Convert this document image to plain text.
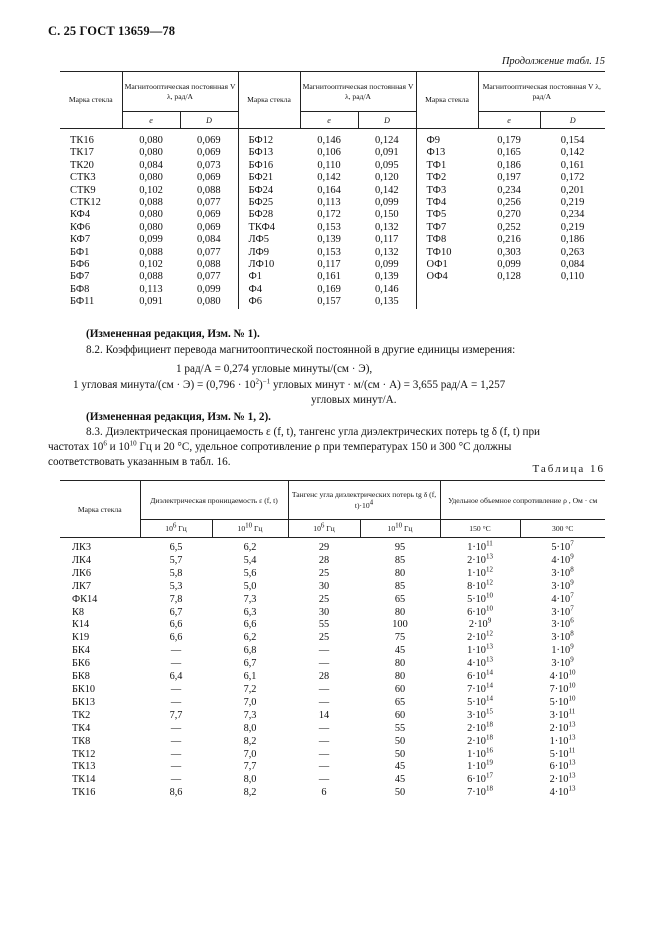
С. 25 ГОСТ 13659—78
Продолжение табл. 15
Марка стекла	Магнитооптическая постоянная V λ, рад/А		Марка стекла	Магнитооптическая постоянная V λ, рад/А		Марка стекла	Магнитооптическая постоянная V λ, рад/А	
	e	D		e	D		e	D
ТК16	0,080	0,069	БФ12	0,146	0,124	Ф9	0,179	0,154
ТК17	0,080	0,069	БФ13	0,106	0,091	Ф13	0,165	0,142
ТК20	0,084	0,073	БФ16	0,110	0,095	ТФ1	0,186	0,161
СТК3	0,080	0,069	БФ21	0,142	0,120	ТФ2	0,197	0,172
СТК9	0,102	0,088	БФ24	0,164	0,142	ТФ3	0,234	0,201
СТК12	0,088	0,077	БФ25	0,113	0,099	ТФ4	0,256	0,219
КФ4	0,080	0,069	БФ28	0,172	0,150	ТФ5	0,270	0,234
КФ6	0,080	0,069	ТКФ4	0,153	0,132	ТФ7	0,252	0,219
КФ7	0,099	0,084	ЛФ5	0,139	0,117	ТФ8	0,216	0,186
БФ1	0,088	0,077	ЛФ9	0,153	0,132	ТФ10	0,303	0,263
БФ6	0,102	0,088	ЛФ10	0,117	0,099	ОФ1	0,099	0,084
БФ7	0,088	0,077	Ф1	0,161	0,139	ОФ4	0,128	0,110
БФ8	0,113	0,099	Ф4	0,169	0,146			
БФ11	0,091	0,080	Ф6	0,157	0,135			
(Измененная редакция, Изм. № 1).
8.2. Коэффициент перевода магнитооптической постоянной в другие единицы измерения:
1 рад/А = 0,274 угловые минуты/(см · Э),
1 угловая минута/(см · $Э) = (0,796 \cdot 10^2)^{-1}$ угловых минут · м/(см · А) = 3,655 рад/А = 1,257
угловых минут/А.
(Измененная редакция, Изм. № 1, 2).
8.3. Диэлектрическая проницаемость ε (f, t), тангенс угла диэлектрических потерь tg δ (f, t) при
частотах $10^6$ и $10^{10}$ Гц и 20 °С, удельное сопротивление ρ при температурах 150 и 300 °С должны
соответствовать указанным в табл. 16.
Таблица 16
Марка стекла	Диэлектрическая проницаемость ε (f, t)		Тангенс угла диэлектрических потерь tg δ (f, $t)\cdot 10^4$		Удельное объемное сопротивление ρ , Ом · см	
	$10^6$ Гц	$10^{10}$ Гц	$10^6$ Гц	$10^{10}$ Гц	150 °С	300 °С
ЛК3	6,5	6,2	29	95	$1\cdot 10^{11}$	$5\cdot 10^7$
ЛК4	5,7	5,4	28	85	$2\cdot 10^{13}$	$4\cdot 10^9$
ЛК6	5,8	5,6	25	80	$1\cdot 10^{12}$	$3\cdot 10^8$
ЛК7	5,3	5,0	30	85	$8\cdot 10^{12}$	$3\cdot 10^9$
ФК14	7,8	7,3	25	65	$5\cdot 10^{10}$	$4\cdot 10^7$
К8	6,7	6,3	30	80	$6\cdot 10^{10}$	$3\cdot 10^7$
К14	6,6	6,6	55	100	$2\cdot 10^9$	$3\cdot 10^6$
К19	6,6	6,2	25	75	$2\cdot 10^{12}$	$3\cdot 10^8$
БК4	—	6,8	—	45	$1\cdot 10^{13}$	$1\cdot 10^9$
БК6	—	6,7	—	80	$4\cdot 10^{13}$	$3\cdot 10^9$
БК8	6,4	6,1	28	80	$6\cdot 10^{14}$	$4\cdot 10^{10}$
БК10	—	7,2	—	60	$7\cdot 10^{14}$	$7\cdot 10^{10}$
БК13	—	7,0	—	65	$5\cdot 10^{14}$	$5\cdot 10^{10}$
ТК2	7,7	7,3	14	60	$3\cdot 10^{15}$	$3\cdot 10^{11}$
ТК4	—	8,0	—	55	$2\cdot 10^{18}$	$2\cdot 10^{13}$
ТК8	—	8,2	—	50	$2\cdot 10^{18}$	$1\cdot 10^{13}$
ТК12	—	7,0	—	50	$1\cdot 10^{16}$	$5\cdot 10^{11}$
ТК13	—	7,7	—	45	$1\cdot 10^{19}$	$6\cdot 10^{13}$
ТК14	—	8,0	—	45	$6\cdot 10^{17}$	$2\cdot 10^{13}$
ТК16	8,6	8,2	6	50	$7\cdot 10^{18}$	$4\cdot 10^{13}$
